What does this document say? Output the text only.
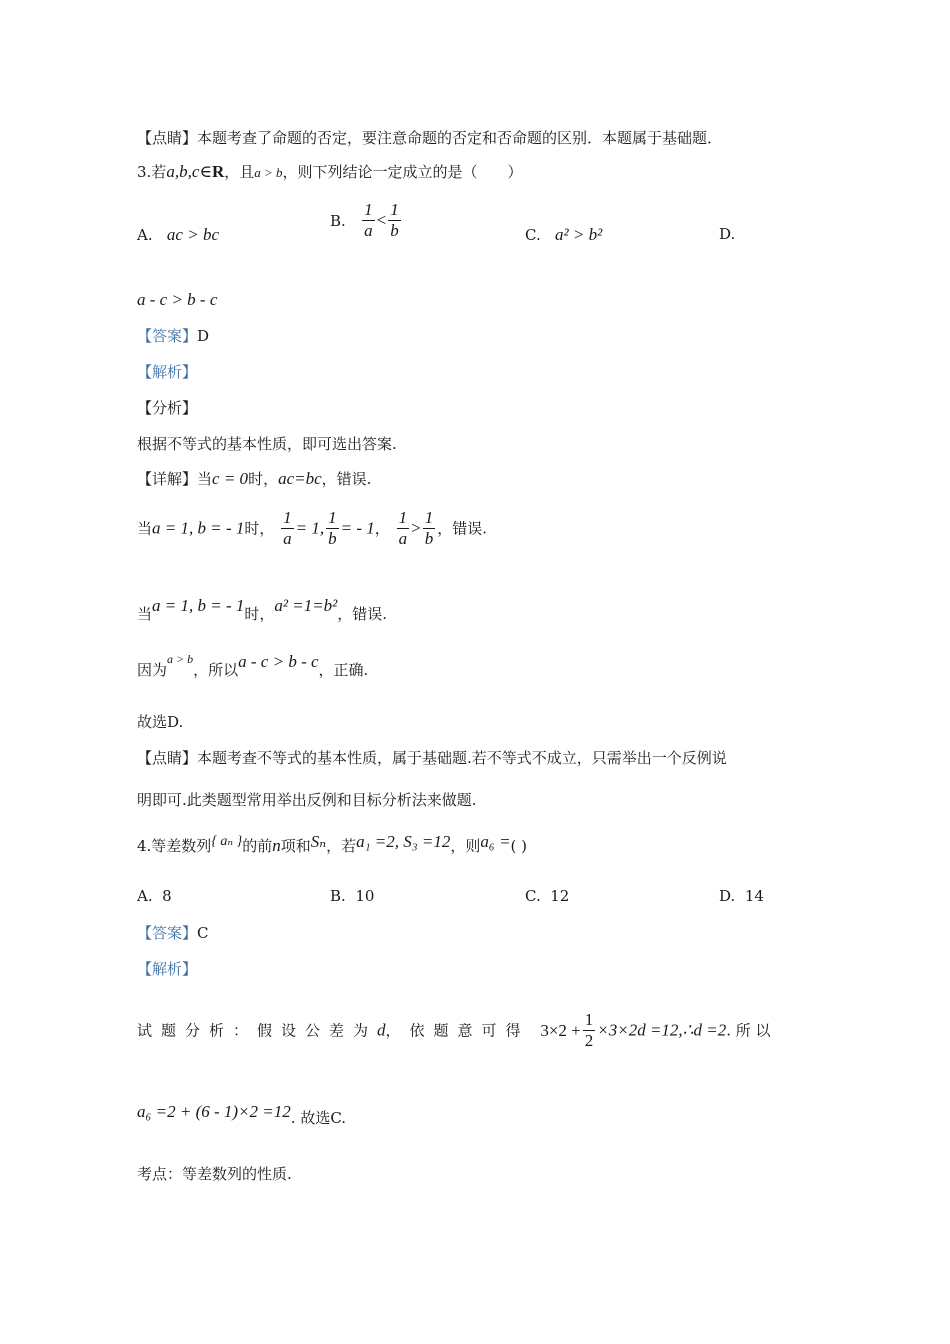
【点睛】本题考查了命题的否定，要注意命题的否定和否命题的区别．本题属于基础题．
3.若a,b,c∈R，且a > b，则下列结论一定成立的是（　　）
A. ac > bc
B. $\frac{1}{a} < \frac{1}{b}$	C. a² > b²	D.
a - c > b - c
【答案】D
【解析】
【分析】
根据不等式的基本性质，即可选出答案.
【详解】当c = 0时，ac=bc，错误.
当a = 1, b = - 1时， $\frac{1}{a} = 1$, $\frac{1}{b}$ = - 1， $\frac{1}{a} > \frac{1}{b}$ ，错误.
当a = 1, b = - 1时，a² =1=b²，错误.
因为$^{a > b}$，所以a - c > b - c，正确.
故选D.
【点睛】本题考查不等式的基本性质，属于基础题.若不等式不成立，只需举出一个反例说
明即可.此类题型常用举出反例和目标分析法来做题.
4.等差数列{ aₙ }的前n项和Sₙ，若a₁ =2, S₃ =12，则a₆ =( )
A. 8	B. 10	C. 12	D. 14
【答案】C
【解析】
试题分析：假设公差为d，依题意可得 $3\times 2 + \frac{1}{2} \times 3\times 2d$ =12,∴d =2. 所 以
a₆ =2 + (6 - 1)×2 =12. 故选C.
考点：等差数列的性质.
